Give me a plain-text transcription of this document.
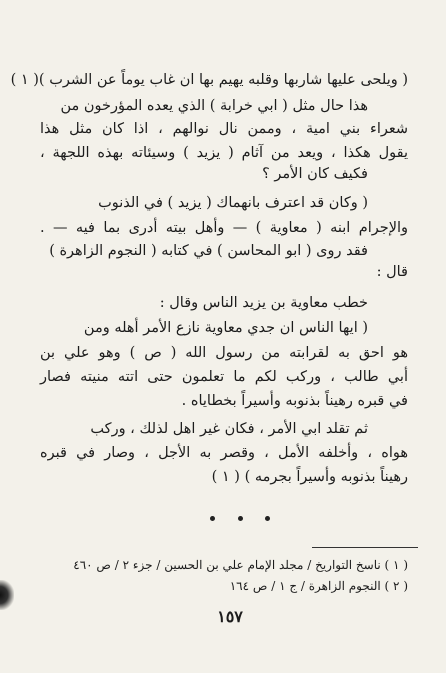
( ويلحى عليها شاربها وقلبه يهيم بها ان غاب يوماً عن الشرب )( ١ )
هذا حال مثل ( ابي خرابة ) الذي يعده المؤرخون من
شعراء بني امية ، وممن نال نوالهم ، اذا كان مثل هذا
يقول هكذا ، ويعد من آثام ( يزيد ) وسيئاته بهذه اللجهة ،
فكيف كان الأمر ؟
( وكان قد اعترف بانهماك ( يزيد ) في الذنوب
والإجرام ابنه ( معاوية ) — وأهل بيته أدرى بما فيه — .
فقد روى ( ابو المحاسن ) في كتابه ( النجوم الزاهرة )
قال :
خطب معاوية بن يزيد الناس وقال :
( ايها الناس ان جدي معاوية نازع الأمر أهله ومن
هو احق به لقرابته من رسول الله ( ص ) وهو علي بن
أبي طالب ، وركب لكم ما تعلمون حتى اتته منيته فصار
في قبره رهيناً بذنوبه وأسيراً بخطاياه .
ثم تقلد ابي الأمر ، فكان غير اهل لذلك ، وركب
هواه ، وأخلفه الأمل ، وقصر به الأجل ، وصار في قبره
رهيناً بذنوبه وأسيراً بجرمه ) ( ١ )
( ١ ) ناسخ التواريخ / مجلد الإمام علي بن الحسين / جزء ٢ / ص ٤٦٠
( ٢ ) النجوم الزاهرة / ج ١ / ص ١٦٤
١٥٧
